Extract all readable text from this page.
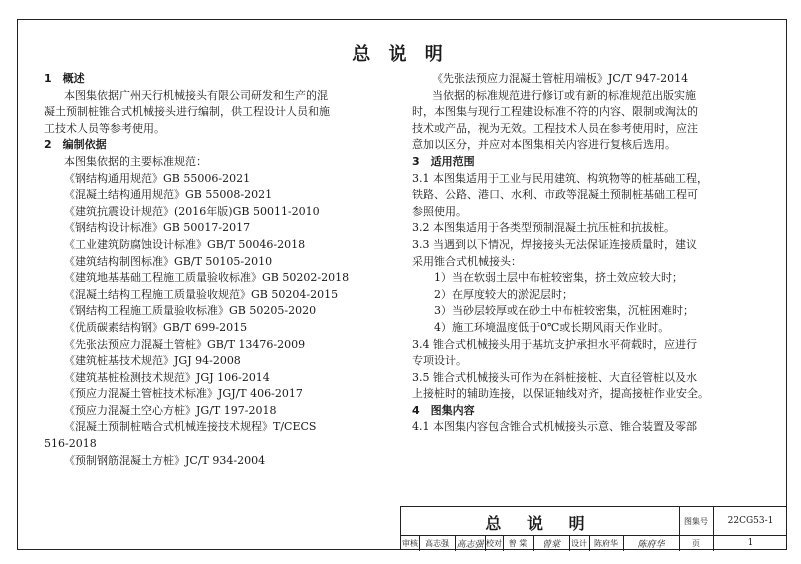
总 说 明
1　概述
本图集依据广州天行机械接头有限公司研发和生产的混
凝土预制桩锥合式机械接头进行编制，供工程设计人员和施
工技术人员等参考使用。
2　编制依据
本图集依据的主要标准规范：
《钢结构通用规范》GB 55006-2021
《混凝土结构通用规范》GB 55008-2021
《建筑抗震设计规范》(2016年版)GB 50011-2010
《钢结构设计标准》GB 50017-2017
《工业建筑防腐蚀设计标准》GB/T 50046-2018
《建筑结构制图标准》GB/T 50105-2010
《建筑地基基础工程施工质量验收标准》GB 50202-2018
《混凝土结构工程施工质量验收规范》GB 50204-2015
《钢结构工程施工质量验收标准》GB 50205-2020
《优质碳素结构钢》GB/T 699-2015
《先张法预应力混凝土管桩》GB/T 13476-2009
《建筑桩基技术规范》JGJ 94-2008
《建筑基桩检测技术规范》JGJ 106-2014
《预应力混凝土管桩技术标准》JGJ/T 406-2017
《预应力混凝土空心方桩》JG/T 197-2018
《混凝土预制桩啮合式机械连接技术规程》T/CECS
516-2018
《预制钢筋混凝土方桩》JC/T 934-2004
《先张法预应力混凝土管桩用端板》JC/T 947-2014
当依据的标准规范进行修订或有新的标准规范出版实施
时，本图集与现行工程建设标准不符的内容、限制或淘汰的
技术或产品，视为无效。工程技术人员在参考使用时，应注
意加以区分，并应对本图集相关内容进行复核后选用。
3　适用范围
3.1 本图集适用于工业与民用建筑、构筑物等的桩基础工程，
铁路、公路、港口、水利、市政等混凝土预制桩基础工程可
参照使用。
3.2 本图集适用于各类型预制混凝土抗压桩和抗拔桩。
3.3 当遇到以下情况，焊接接头无法保证连接质量时，建议
采用锥合式机械接头：
1）当在软弱土层中布桩较密集，挤土效应较大时；
2）在厚度较大的淤泥层时；
3）当砂层较厚或在砂土中布桩较密集，沉桩困难时；
4）施工环境温度低于0℃或长期风雨天作业时。
3.4 锥合式机械接头用于基坑支护承担水平荷载时，应进行
专项设计。
3.5 锥合式机械接头可作为在斜桩接桩、大直径管桩以及水
上接桩时的辅助连接，以保证轴线对齐，提高接桩作业安全。
4　图集内容
4.1 本图集内容包含锥合式机械接头示意、锥合装置及零部
总 说 明	图集号	22CG53-1
审核 高志强 高志强 校对 曾 棠	曾棠	设计 陈府华	陈府华	页	1
